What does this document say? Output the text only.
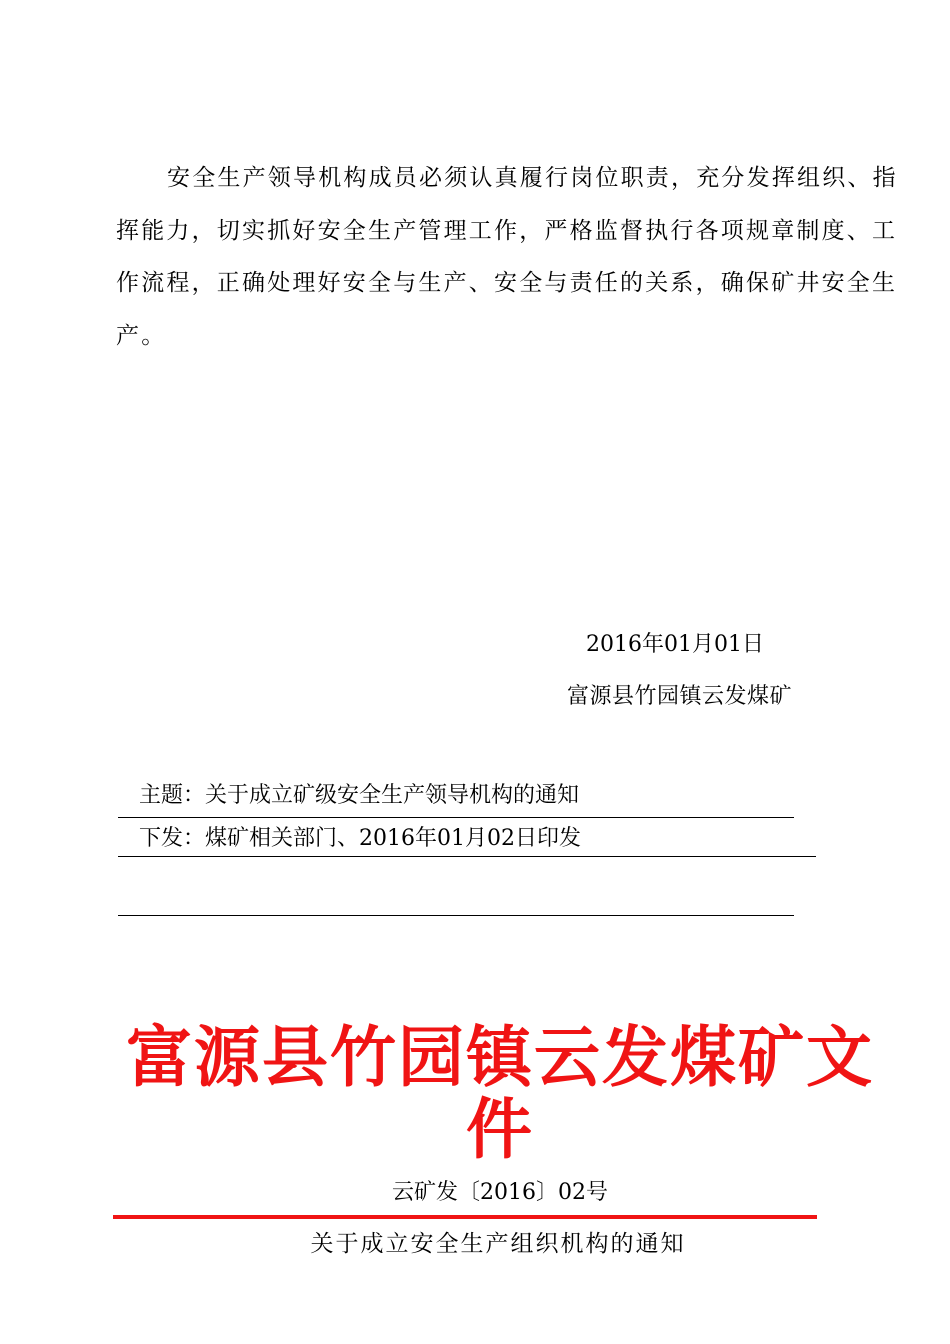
安全生产领导机构成员必须认真履行岗位职责，充分发挥组织、指挥能力，切实抓好安全生产管理工作，严格监督执行各项规章制度、工作流程，正确处理好安全与生产、安全与责任的关系，确保矿井安全生产。

2016年01月01日
富源县竹园镇云发煤矿
主题：关于成立矿级安全生产领导机构的通知
下发：煤矿相关部门、2016年01月02日印发
富源县竹园镇云发煤矿文件
云矿发〔2016〕02号
关于成立安全生产组织机构的通知
